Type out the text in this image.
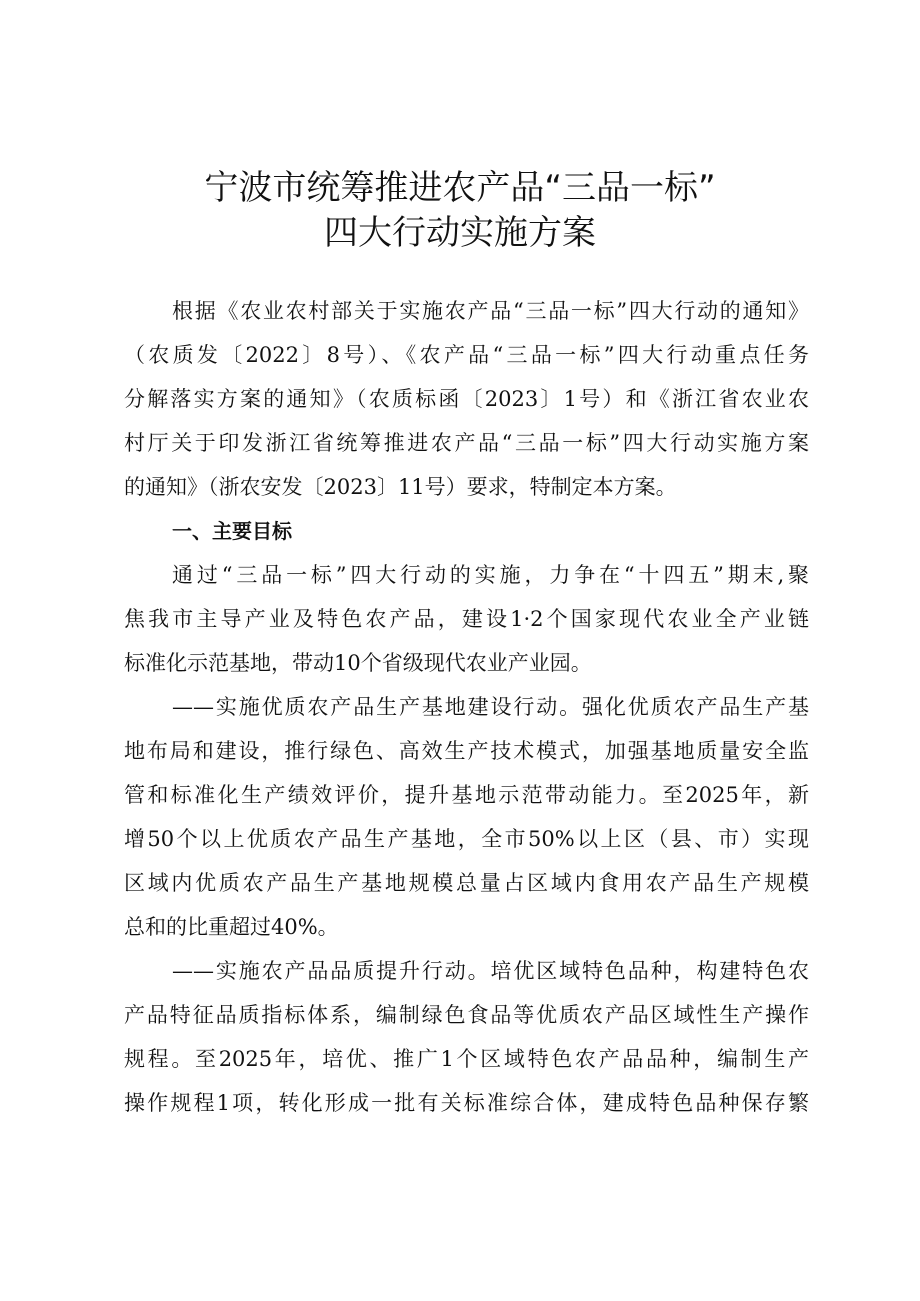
宁波市统筹推进农产品“三品一标”
四大行动实施方案
根据《农业农村部关于实施农产品“三品一标”四大行动的通知》
（农质发〔2022〕8号）、《农产品“三品一标”四大行动重点任务
分解落实方案的通知》（农质标函〔2023〕1号）和《浙江省农业农
村厅关于印发浙江省统筹推进农产品“三品一标”四大行动实施方案
的通知》（浙农安发〔2023〕11号）要求，特制定本方案。
一、主要目标
通过“三品一标”四大行动的实施，力争在“十四五”期末,聚
焦我市主导产业及特色农产品，建设1·2个国家现代农业全产业链
标准化示范基地，带动10个省级现代农业产业园。
——实施优质农产品生产基地建设行动。强化优质农产品生产基
地布局和建设，推行绿色、高效生产技术模式，加强基地质量安全监
管和标准化生产绩效评价，提升基地示范带动能力。至2025年，新
增50个以上优质农产品生产基地，全市50%以上区（县、市）实现
区域内优质农产品生产基地规模总量占区域内食用农产品生产规模
总和的比重超过40%。
——实施农产品品质提升行动。培优区域特色品种，构建特色农
产品特征品质指标体系，编制绿色食品等优质农产品区域性生产操作
规程。至2025年，培优、推广1个区域特色农产品品种，编制生产
操作规程1项，转化形成一批有关标准综合体，建成特色品种保存繁
